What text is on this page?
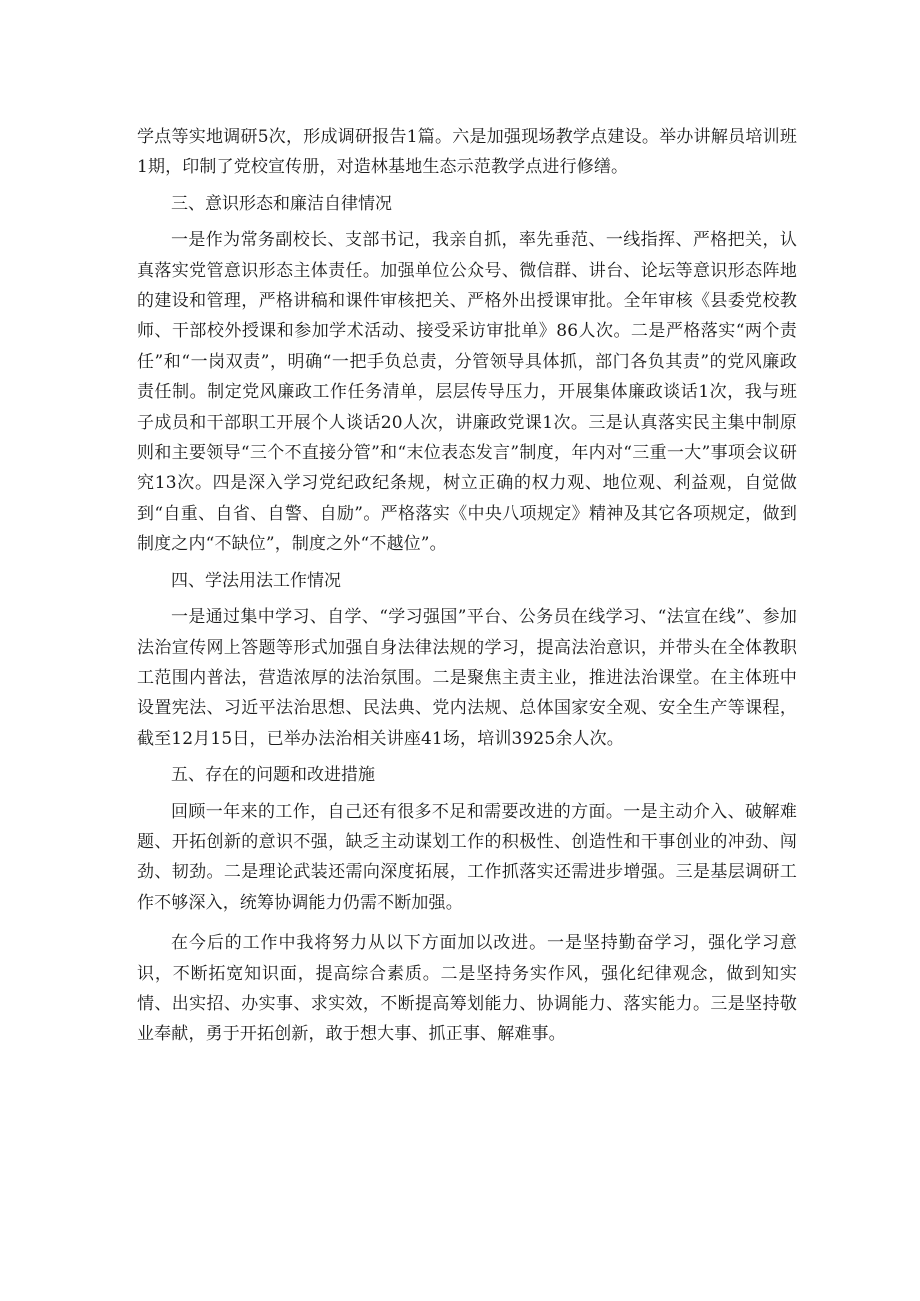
学点等实地调研5次，形成调研报告1篇。六是加强现场教学点建设。举办讲解员培训班1期，印制了党校宣传册，对造林基地生态示范教学点进行修缮。

三、意识形态和廉洁自律情况

一是作为常务副校长、支部书记，我亲自抓，率先垂范、一线指挥、严格把关，认真落实党管意识形态主体责任。加强单位公众号、微信群、讲台、论坛等意识形态阵地的建设和管理，严格讲稿和课件审核把关、严格外出授课审批。全年审核《县委党校教师、干部校外授课和参加学术活动、接受采访审批单》86人次。二是严格落实“两个责任”和“一岗双责”，明确“一把手负总责，分管领导具体抓，部门各负其责”的党风廉政责任制。制定党风廉政工作任务清单，层层传导压力，开展集体廉政谈话1次，我与班子成员和干部职工开展个人谈话20人次，讲廉政党课1次。三是认真落实民主集中制原则和主要领导“三个不直接分管”和“末位表态发言”制度，年内对“三重一大”事项会议研究13次。四是深入学习党纪政纪条规，树立正确的权力观、地位观、利益观，自觉做到“自重、自省、自警、自励”。严格落实《中央八项规定》精神及其它各项规定，做到制度之内“不缺位”，制度之外“不越位”。

四、学法用法工作情况

一是通过集中学习、自学、“学习强国”平台、公务员在线学习、“法宣在线”、参加法治宣传网上答题等形式加强自身法律法规的学习，提高法治意识，并带头在全体教职工范围内普法，营造浓厚的法治氛围。二是聚焦主责主业，推进法治课堂。在主体班中设置宪法、习近平法治思想、民法典、党内法规、总体国家安全观、安全生产等课程，截至12月15日，已举办法治相关讲座41场，培训3925余人次。

五、存在的问题和改进措施

回顾一年来的工作，自己还有很多不足和需要改进的方面。一是主动介入、破解难题、开拓创新的意识不强，缺乏主动谋划工作的积极性、创造性和干事创业的冲劲、闯劲、韧劲。二是理论武装还需向深度拓展，工作抓落实还需进步增强。三是基层调研工作不够深入，统筹协调能力仍需不断加强。

在今后的工作中我将努力从以下方面加以改进。一是坚持勤奋学习，强化学习意识，不断拓宽知识面，提高综合素质。二是坚持务实作风，强化纪律观念，做到知实情、出实招、办实事、求实效，不断提高筹划能力、协调能力、落实能力。三是坚持敬业奉献，勇于开拓创新，敢于想大事、抓正事、解难事。
